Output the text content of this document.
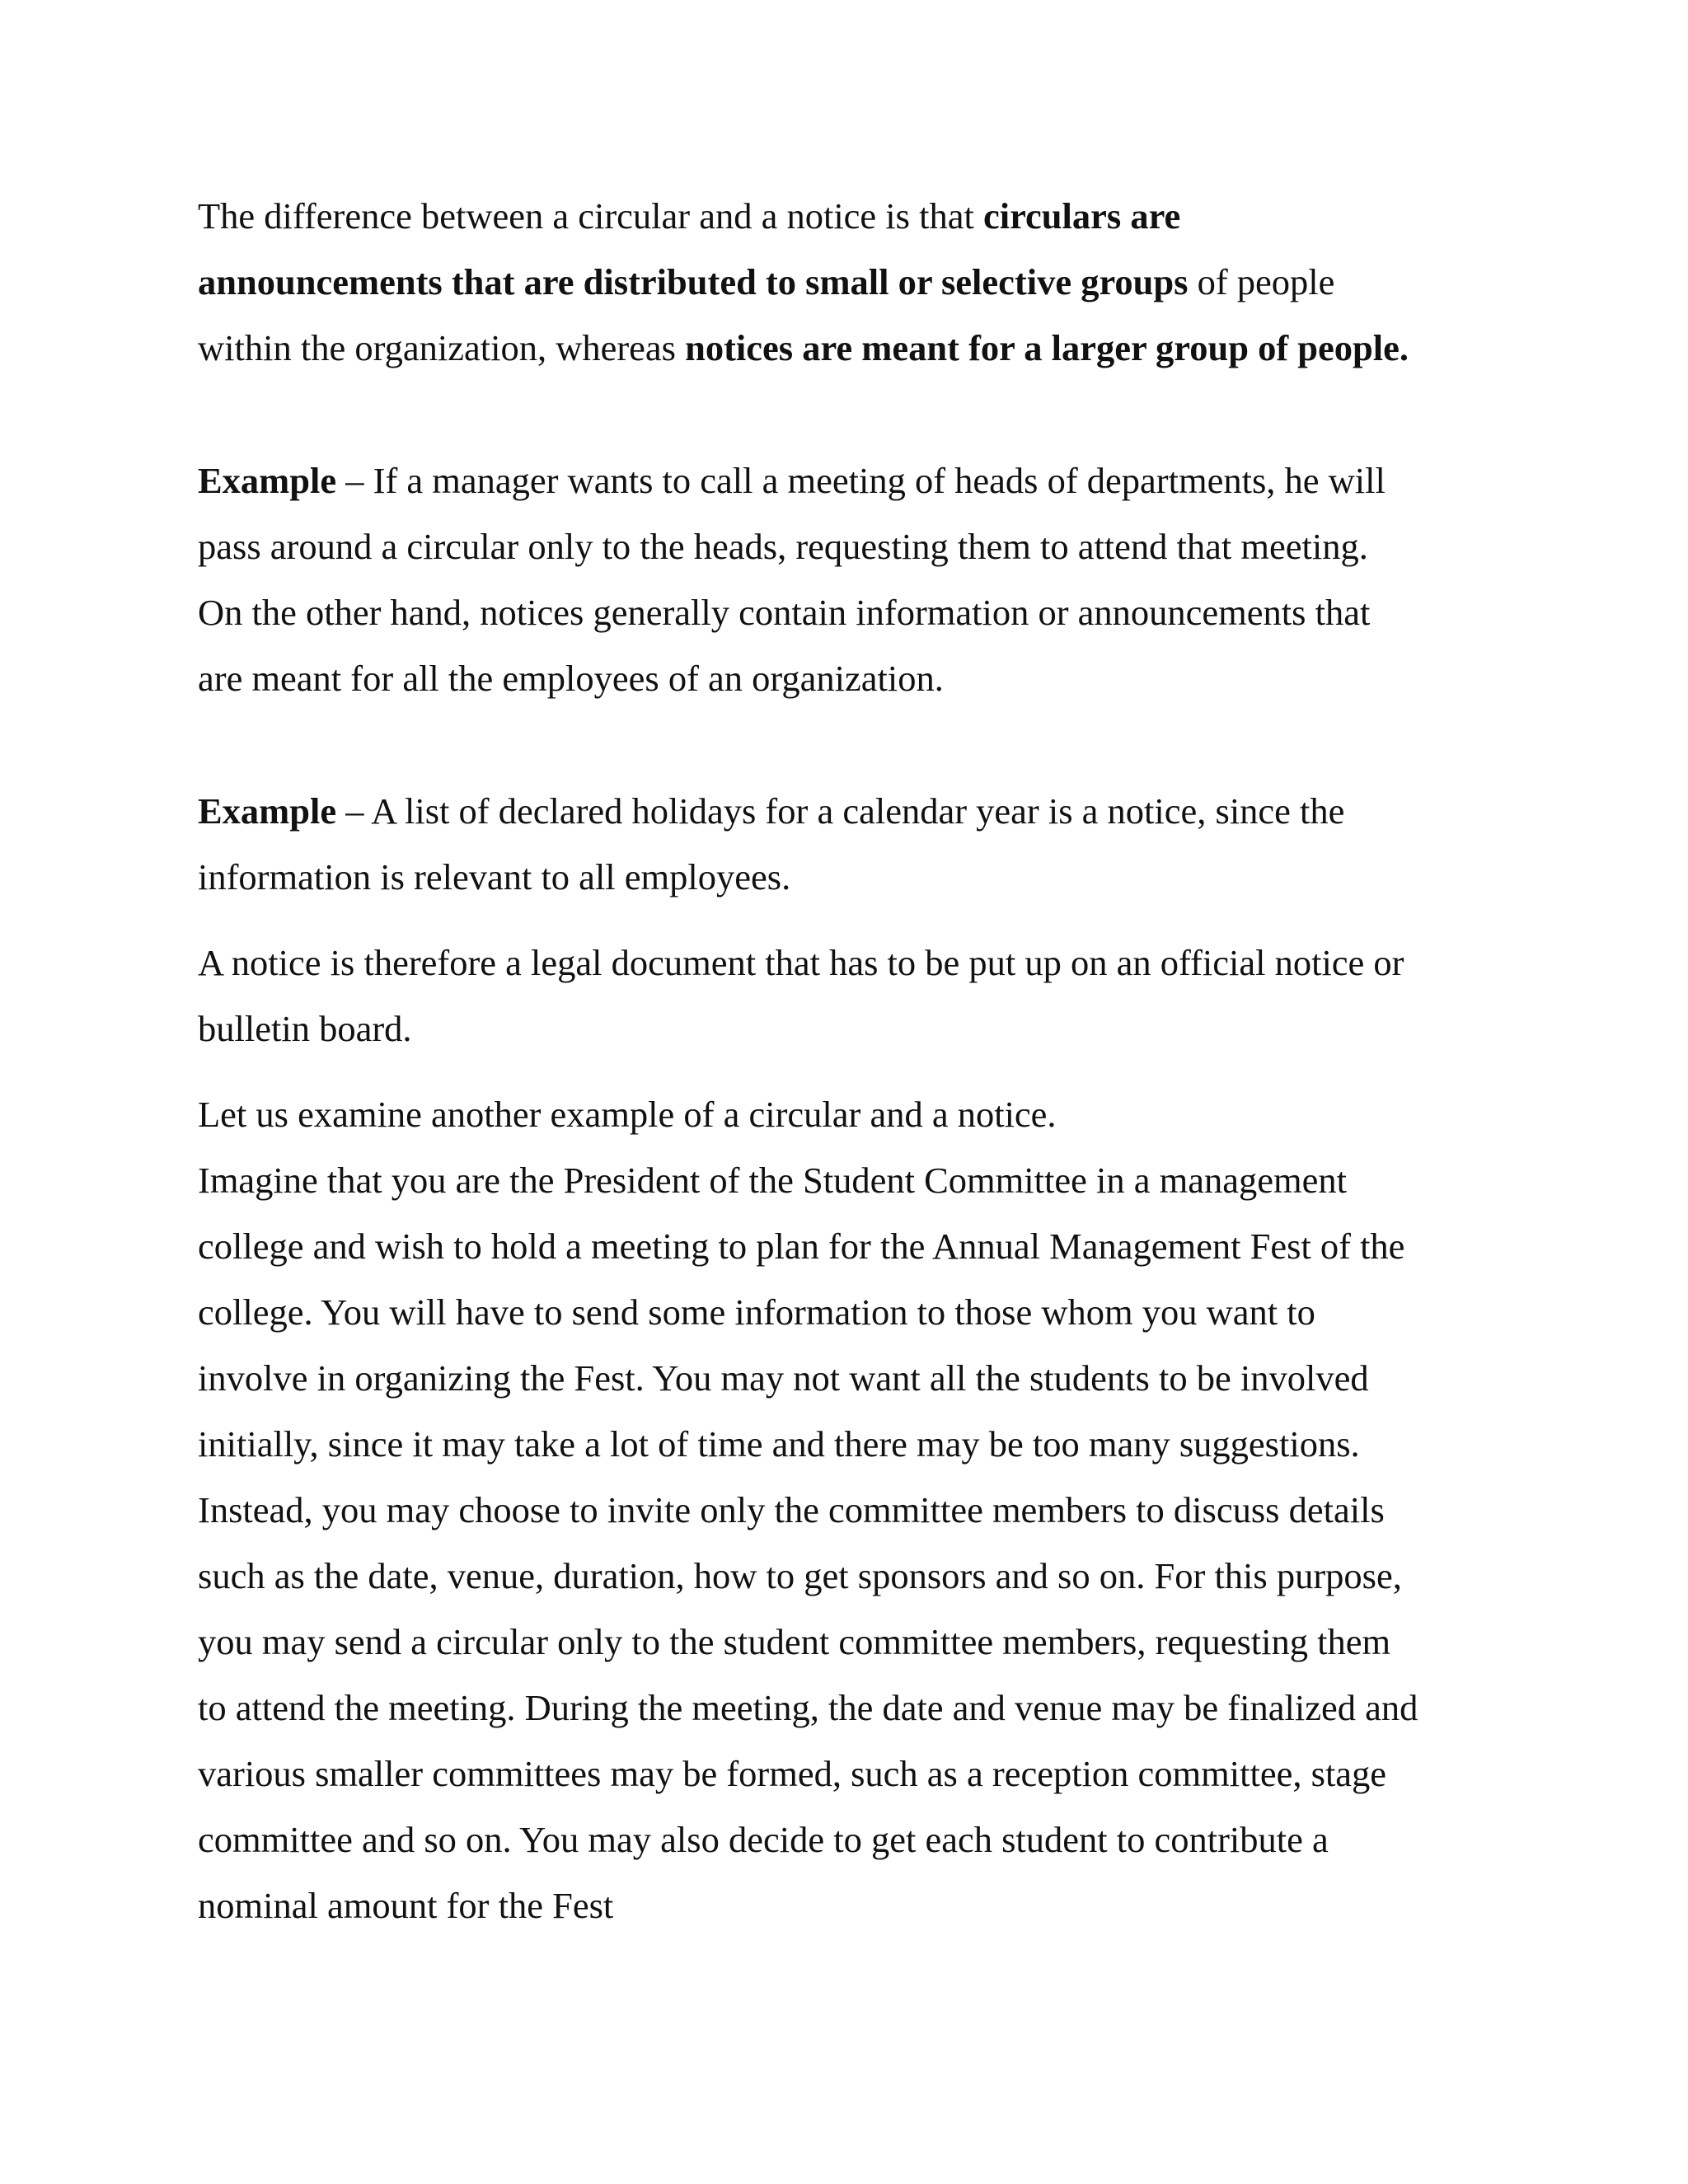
The difference between a circular and a notice is that circulars are
announcements that are distributed to small or selective groups of people
within the organization, whereas notices are meant for a larger group of people.
Example – If a manager wants to call a meeting of heads of departments, he will
pass around a circular only to the heads, requesting them to attend that meeting.
On the other hand, notices generally contain information or announcements that
are meant for all the employees of an organization.
Example – A list of declared holidays for a calendar year is a notice, since the
information is relevant to all employees.
A notice is therefore a legal document that has to be put up on an official notice or
bulletin board.
Let us examine another example of a circular and a notice.
Imagine that you are the President of the Student Committee in a management
college and wish to hold a meeting to plan for the Annual Management Fest of the
college. You will have to send some information to those whom you want to
involve in organizing the Fest. You may not want all the students to be involved
initially, since it may take a lot of time and there may be too many suggestions.
Instead, you may choose to invite only the committee members to discuss details
such as the date, venue, duration, how to get sponsors and so on. For this purpose,
you may send a circular only to the student committee members, requesting them
to attend the meeting. During the meeting, the date and venue may be finalized and
various smaller committees may be formed, such as a reception committee, stage
committee and so on. You may also decide to get each student to contribute a
nominal amount for the Fest
